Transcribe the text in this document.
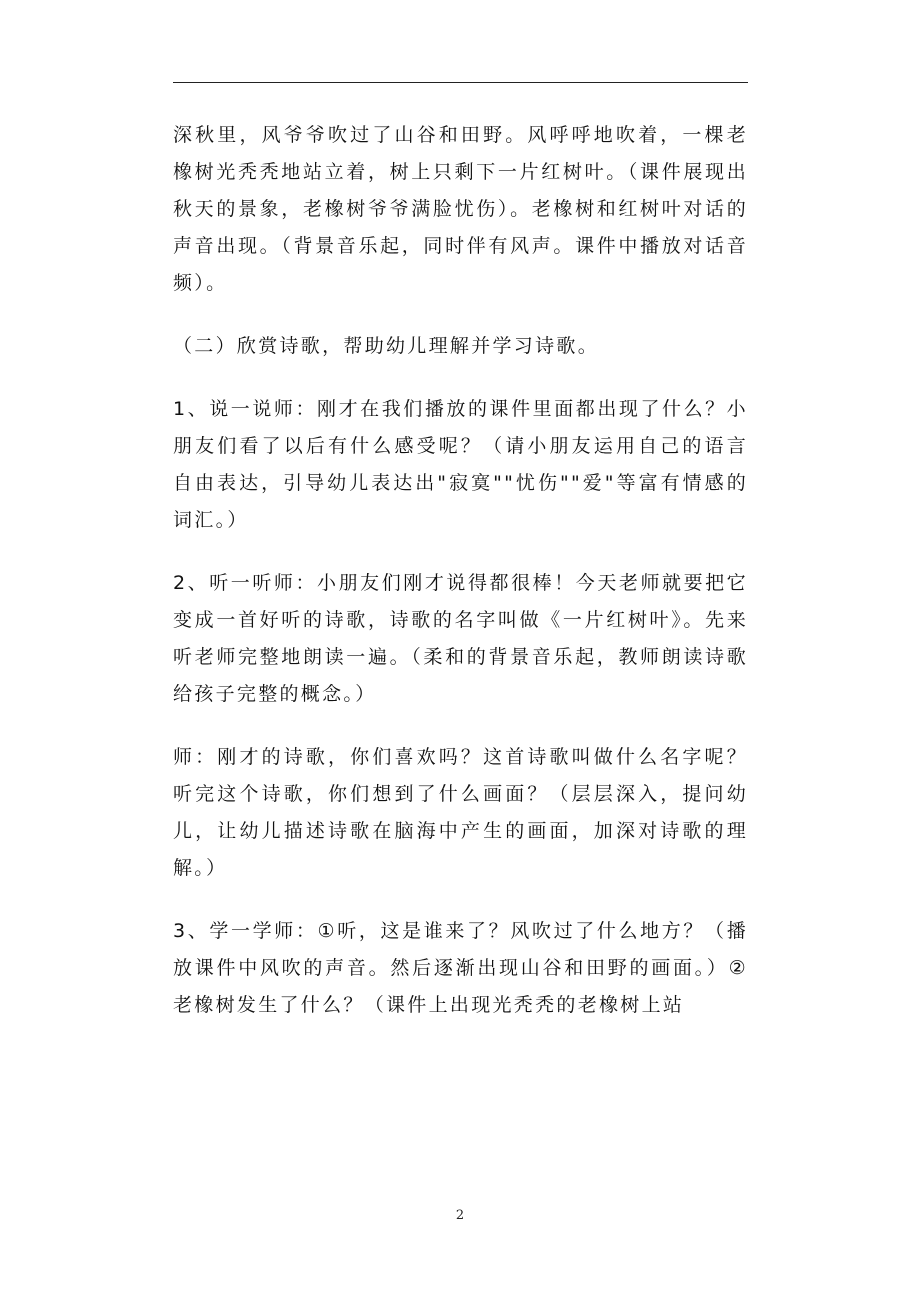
深秋里，风爷爷吹过了山谷和田野。风呼呼地吹着，一棵老橡树光秃秃地站立着，树上只剩下一片红树叶。（课件展现出秋天的景象，老橡树爷爷满脸忧伤）。老橡树和红树叶对话的声音出现。（背景音乐起，同时伴有风声。课件中播放对话音频）。

（二）欣赏诗歌，帮助幼儿理解并学习诗歌。

1、说一说师：刚才在我们播放的课件里面都出现了什么？小朋友们看了以后有什么感受呢？（请小朋友运用自己的语言自由表达，引导幼儿表达出"寂寞""忧伤""爱"等富有情感的词汇。）

2、听一听师：小朋友们刚才说得都很棒！今天老师就要把它变成一首好听的诗歌，诗歌的名字叫做《一片红树叶》。先来听老师完整地朗读一遍。（柔和的背景音乐起，教师朗读诗歌给孩子完整的概念。）

师：刚才的诗歌，你们喜欢吗？这首诗歌叫做什么名字呢？听完这个诗歌，你们想到了什么画面？（层层深入，提问幼儿，让幼儿描述诗歌在脑海中产生的画面，加深对诗歌的理解。）

3、学一学师：①听，这是谁来了？风吹过了什么地方？（播放课件中风吹的声音。然后逐渐出现山谷和田野的画面。）②老橡树发生了什么？（课件上出现光秃秃的老橡树上站

2
